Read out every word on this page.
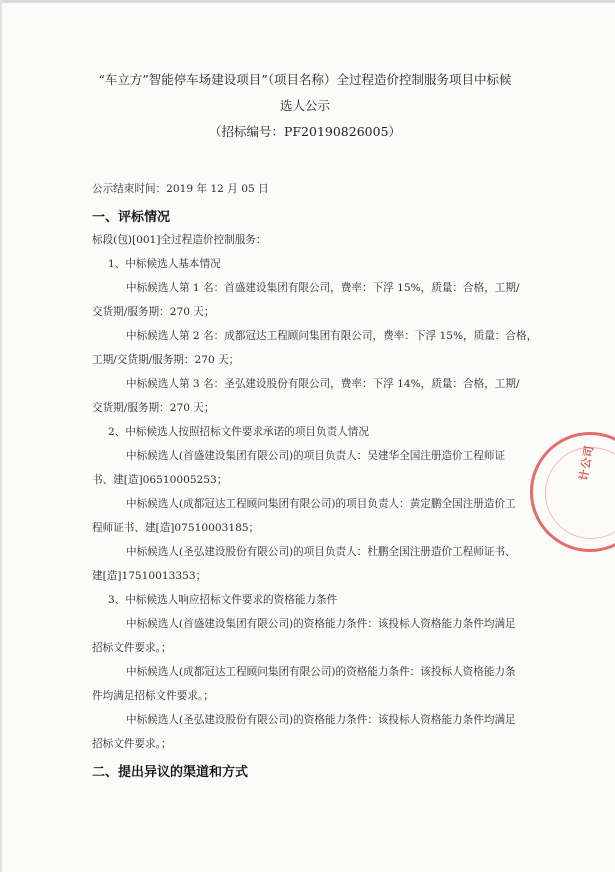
“车立方”智能停车场建设项目”（项目名称）全过程造价控制服务项目中标候
选人公示
（招标编号：PF20190826005）
公示结束时间：2019 年 12 月 05 日
一、评标情况
标段(包)[001]全过程造价控制服务：
1、中标候选人基本情况
中标候选人第 1 名：首盛建设集团有限公司，费率：下浮 15%，质量：合格，工期/
交货期/服务期：270 天；
中标候选人第 2 名：成都冠达工程顾问集团有限公司，费率：下浮 15%，质量：合格，
工期/交货期/服务期：270 天；
中标候选人第 3 名：圣弘建设股份有限公司，费率：下浮 14%，质量：合格，工期/
交货期/服务期：270 天；
2、中标候选人按照招标文件要求承诺的项目负责人情况
中标候选人(首盛建设集团有限公司)的项目负责人：吴建华全国注册造价工程师证
书、建[造]06510005253；
中标候选人(成都冠达工程顾问集团有限公司)的项目负责人：黄定鹏全国注册造价工
程师证书、建[造]07510003185；
中标候选人(圣弘建设股份有限公司)的项目负责人：杜鹏全国注册造价工程师证书、
建[造]17510013353；
3、中标候选人响应招标文件要求的资格能力条件
中标候选人(首盛建设集团有限公司)的资格能力条件：该投标人资格能力条件均满足
招标文件要求。；
中标候选人(成都冠达工程顾问集团有限公司)的资格能力条件：该投标人资格能力条
件均满足招标文件要求。；
中标候选人(圣弘建设股份有限公司)的资格能力条件：该投标人资格能力条件均满足
招标文件要求。；
二、提出异议的渠道和方式
计公司
